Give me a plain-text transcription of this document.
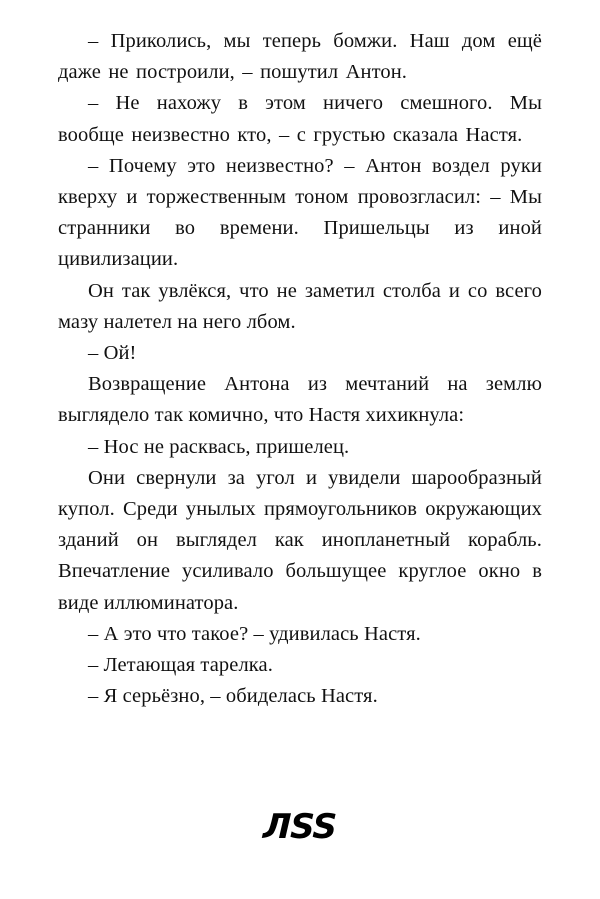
– Приколись, мы теперь бомжи. Наш дом ещё даже не построили, – пошутил Антон.

– Не нахожу в этом ничего смешного. Мы вообще неизвестно кто, – с грустью сказала Настя.

– Почему это неизвестно? – Антон воздел руки кверху и торжественным тоном провозгласил: – Мы странники во времени. Пришельцы из иной цивилизации.

Он так увлёкся, что не заметил столба и со всего мазу налетел на него лбом.

– Ой!

Возвращение Антона из мечтаний на землю выглядело так комично, что Настя хихикнула:

– Нос не расквась, пришелец.

Они свернули за угол и увидели шарообразный купол. Среди унылых прямоугольников окружающих зданий он выглядел как инопланетный корабль. Впечатление усиливало большущее круглое окно в виде иллюминатора.

– А это что такое? – удивилась Настя.

– Летающая тарелка.

– Я серьёзно, – обиделась Настя.

ЛSS
